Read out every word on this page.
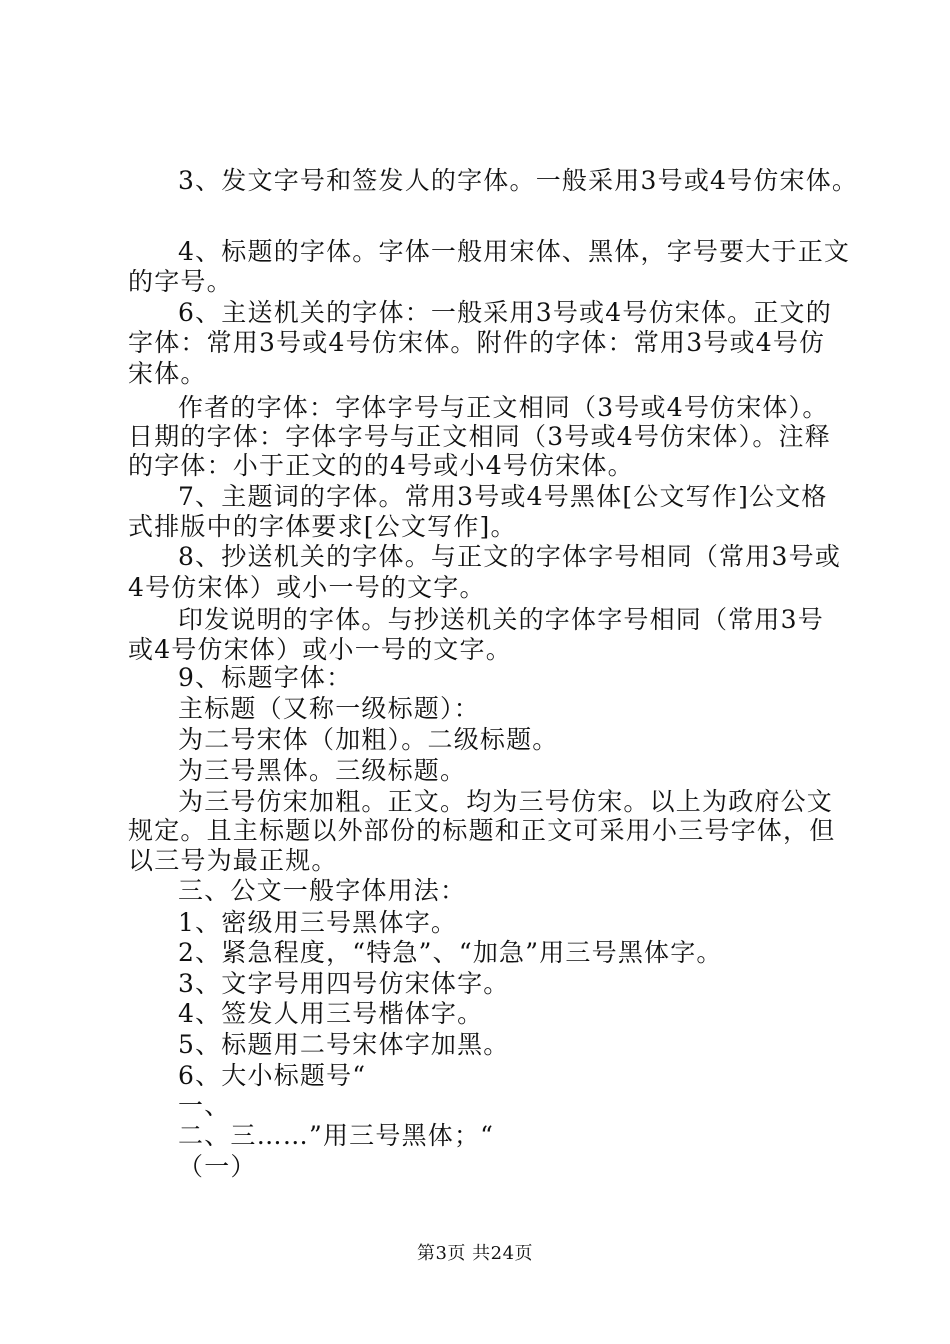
3、发文字号和签发人的字体。一般采用3号或4号仿宋体。
4、标题的字体。字体一般用宋体、黑体，字号要大于正文
的字号。
6、主送机关的字体：一般采用3号或4号仿宋体。正文的
字体：常用3号或4号仿宋体。附件的字体：常用3号或4号仿
宋体。
作者的字体：字体字号与正文相同（3号或4号仿宋体）。
日期的字体：字体字号与正文相同（3号或4号仿宋体）。注释
的字体：小于正文的的4号或小4号仿宋体。
7、主题词的字体。常用3号或4号黑体[公文写作]公文格
式排版中的字体要求[公文写作]。
8、抄送机关的字体。与正文的字体字号相同（常用3号或
4号仿宋体）或小一号的文字。
印发说明的字体。与抄送机关的字体字号相同（常用3号
或4号仿宋体）或小一号的文字。
9、标题字体：
主标题（又称一级标题）：
为二号宋体（加粗）。二级标题。
为三号黑体。三级标题。
为三号仿宋加粗。正文。均为三号仿宋。以上为政府公文
规定。且主标题以外部份的标题和正文可采用小三号字体，但
以三号为最正规。
三、公文一般字体用法：
1、密级用三号黑体字。
2、紧急程度，“特急”、“加急”用三号黑体字。
3、文字号用四号仿宋体字。
4、签发人用三号楷体字。
5、标题用二号宋体字加黑。
6、大小标题号“
一、
二、三……”用三号黑体；“
（一）
第3页 共24页
